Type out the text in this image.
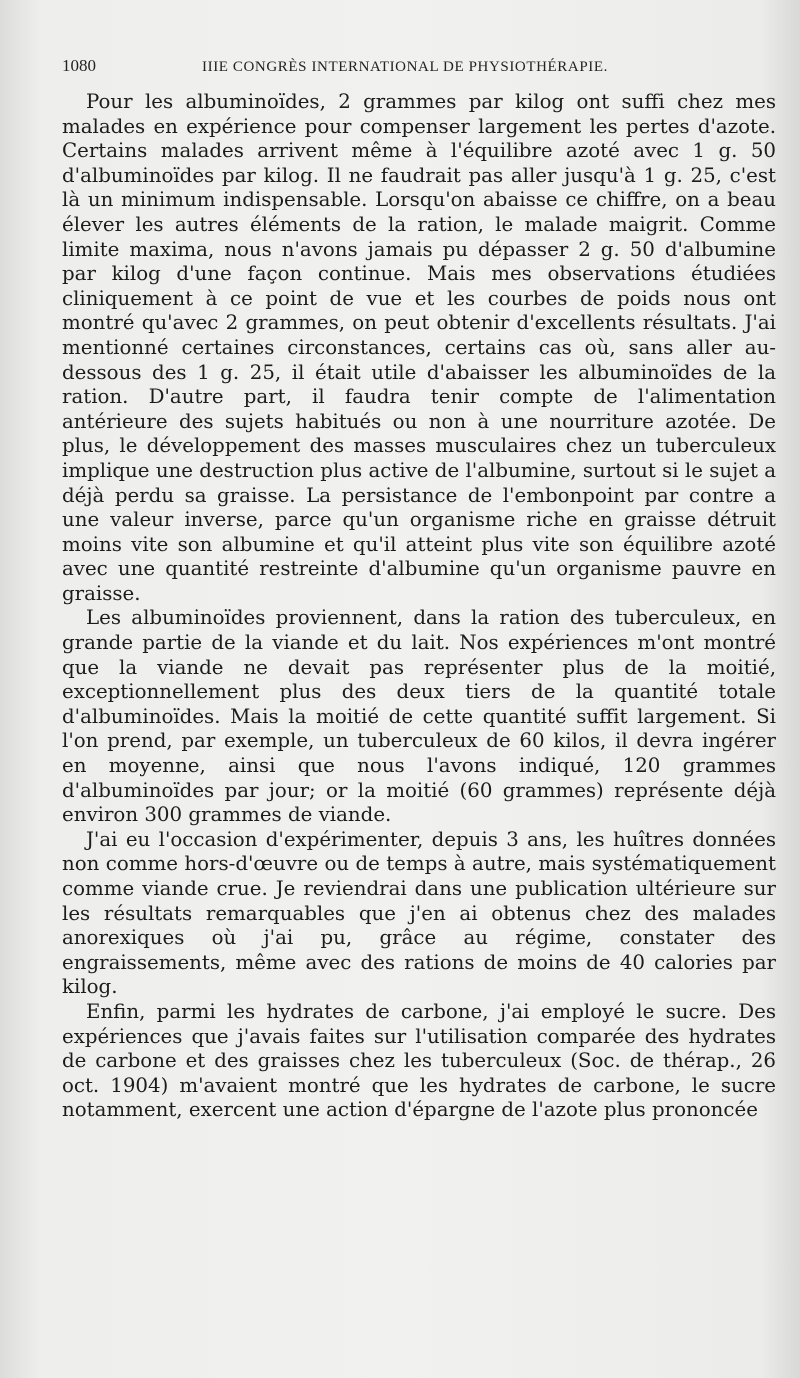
1080	IIIE CONGRÈS INTERNATIONAL DE PHYSIOTHÉRAPIE.

Pour les albuminoïdes, 2 grammes par kilog ont suffi chez mes malades en expérience pour compenser largement les pertes d'azote. Certains malades arrivent même à l'équilibre azoté avec 1 g. 50 d'albuminoïdes par kilog. Il ne faudrait pas aller jusqu'à 1 g. 25, c'est là un minimum indispensable. Lorsqu'on abaisse ce chiffre, on a beau élever les autres éléments de la ration, le malade maigrit. Comme limite maxima, nous n'avons jamais pu dépasser 2 g. 50 d'albumine par kilog d'une façon continue. Mais mes observations étudiées cliniquement à ce point de vue et les courbes de poids nous ont montré qu'avec 2 grammes, on peut obtenir d'excellents résultats. J'ai mentionné certaines circonstances, certains cas où, sans aller au-dessous des 1 g. 25, il était utile d'abaisser les albuminoïdes de la ration. D'autre part, il faudra tenir compte de l'alimentation antérieure des sujets habitués ou non à une nourriture azotée. De plus, le développement des masses musculaires chez un tuberculeux implique une destruction plus active de l'albumine, surtout si le sujet a déjà perdu sa graisse. La persistance de l'embonpoint par contre a une valeur inverse, parce qu'un organisme riche en graisse détruit moins vite son albumine et qu'il atteint plus vite son équilibre azoté avec une quantité restreinte d'albumine qu'un organisme pauvre en graisse.

Les albuminoïdes proviennent, dans la ration des tuberculeux, en grande partie de la viande et du lait. Nos expériences m'ont montré que la viande ne devait pas représenter plus de la moitié, exceptionnellement plus des deux tiers de la quantité totale d'albuminoïdes. Mais la moitié de cette quantité suffit largement. Si l'on prend, par exemple, un tuberculeux de 60 kilos, il devra ingérer en moyenne, ainsi que nous l'avons indiqué, 120 grammes d'albuminoïdes par jour; or la moitié (60 grammes) représente déjà environ 300 grammes de viande.

J'ai eu l'occasion d'expérimenter, depuis 3 ans, les huîtres données non comme hors-d'œuvre ou de temps à autre, mais systématiquement comme viande crue. Je reviendrai dans une publication ultérieure sur les résultats remarquables que j'en ai obtenus chez des malades anorexiques où j'ai pu, grâce au régime, constater des engraissements, même avec des rations de moins de 40 calories par kilog.

Enfin, parmi les hydrates de carbone, j'ai employé le sucre. Des expériences que j'avais faites sur l'utilisation comparée des hydrates de carbone et des graisses chez les tuberculeux (Soc. de thérap., 26 oct. 1904) m'avaient montré que les hydrates de carbone, le sucre notamment, exercent une action d'épargne de l'azote plus prononcée
